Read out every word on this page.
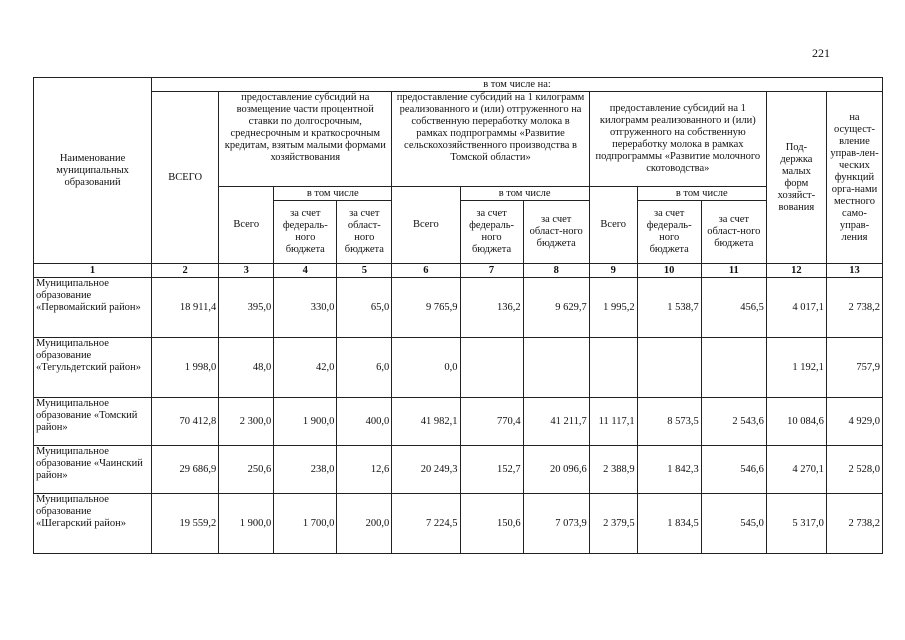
221
Наименование муниципальных образований	в том числе на:											
	ВСЕГО	предоставление субсидий на возмещение части процентной ставки по долгосрочным, среднесрочным и краткосрочным кредитам, взятым малыми формами хозяйствования			предоставление субсидий на 1 килограмм реализованного и (или) отгруженного на собственную переработку молока в рамках подпрограммы «Развитие сельскохозяйственного производства в Томской области»			предоставление субсидий на 1 килограмм реализованного и (или) отгруженного на собственную переработку молока в рамках подпрограммы «Развитие молочного скотоводства»			Под-держка малых форм хозяйст-вования	на осущест-вление управ-лен-ческих функций орга-нами местного само-управ-ления
		Всего	в том числе		Всего	в том числе		Всего	в том числе			
			за счет федераль-ного бюджета	за счет област-ного бюджета		за счет федераль-ного бюджета	за счет област-ного бюджета		за счет федераль-ного бюджета	за счет област-ного бюджета		
1	2	3	4	5	6	7	8	9	10	11	12	13
Муниципальное образование «Первомайский район»	18 911,4	395,0	330,0	65,0	9 765,9	136,2	9 629,7	1 995,2	1 538,7	456,5	4 017,1	2 738,2
Муниципальное образование «Тегульдетский район»	1 998,0	48,0	42,0	6,0	0,0						1 192,1	757,9
Муниципальное образование «Томский район»	70 412,8	2 300,0	1 900,0	400,0	41 982,1	770,4	41 211,7	11 117,1	8 573,5	2 543,6	10 084,6	4 929,0
Муниципальное образование «Чаинский район»	29 686,9	250,6	238,0	12,6	20 249,3	152,7	20 096,6	2 388,9	1 842,3	546,6	4 270,1	2 528,0
Муниципальное образование «Шегарский район»	19 559,2	1 900,0	1 700,0	200,0	7 224,5	150,6	7 073,9	2 379,5	1 834,5	545,0	5 317,0	2 738,2
